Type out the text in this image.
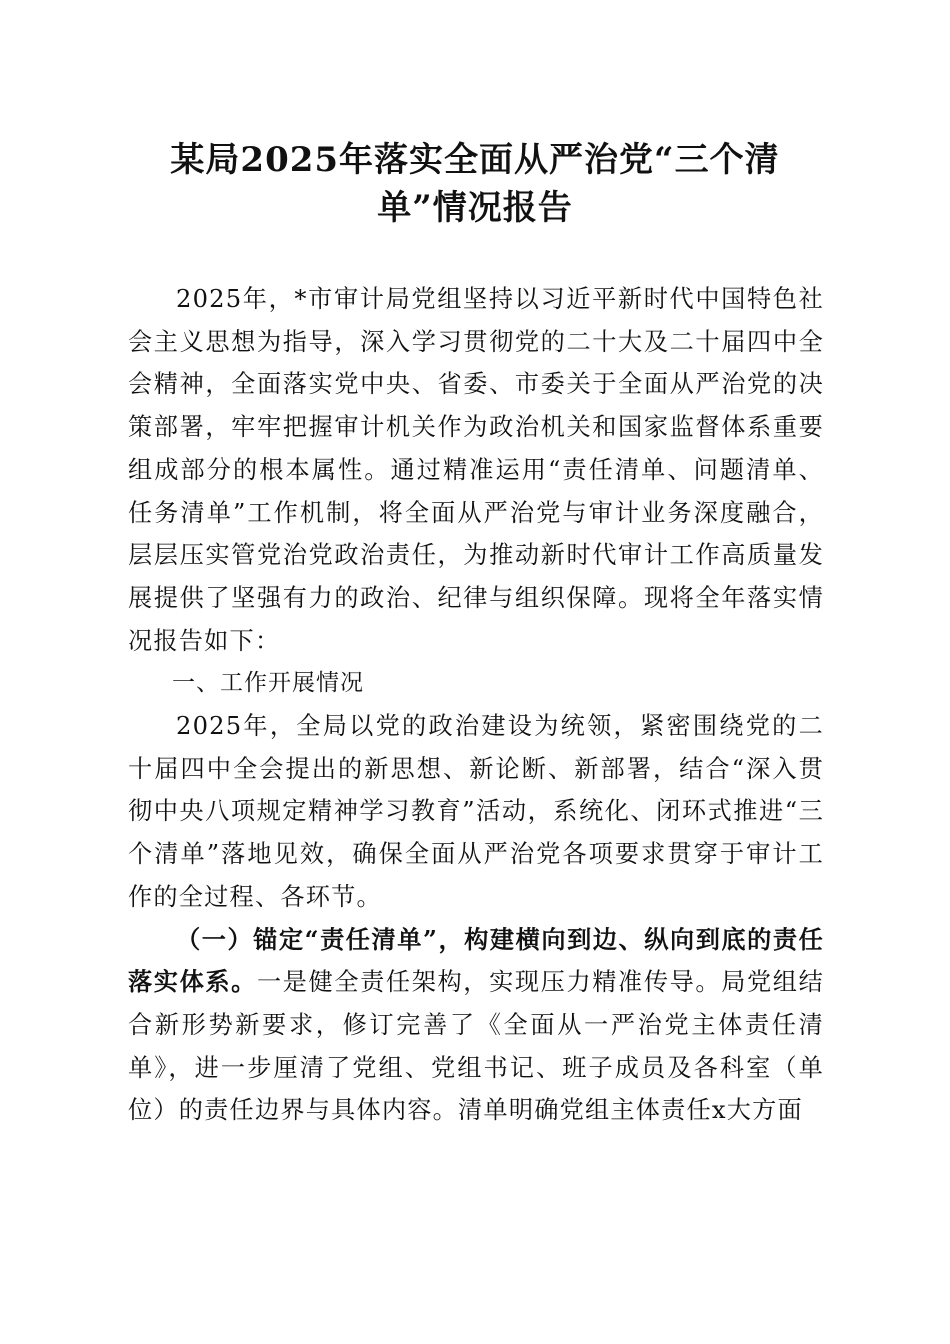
某局2025年落实全面从严治党“三个清
单”情况报告

2025年，*市审计局党组坚持以习近平新时代中国特色社会主义思想为指导，深入学习贯彻党的二十大及二十届四中全会精神，全面落实党中央、省委、市委关于全面从严治党的决策部署，牢牢把握审计机关作为政治机关和国家监督体系重要组成部分的根本属性。通过精准运用“责任清单、问题清单、任务清单”工作机制，将全面从严治党与审计业务深度融合，层层压实管党治党政治责任，为推动新时代审计工作高质量发展提供了坚强有力的政治、纪律与组织保障。现将全年落实情况报告如下：

一、工作开展情况

2025年，全局以党的政治建设为统领，紧密围绕党的二十届四中全会提出的新思想、新论断、新部署，结合“深入贯彻中央八项规定精神学习教育”活动，系统化、闭环式推进“三个清单”落地见效，确保全面从严治党各项要求贯穿于审计工作的全过程、各环节。

（一）锚定“责任清单”，构建横向到边、纵向到底的责任落实体系。一是健全责任架构，实现压力精准传导。局党组结合新形势新要求，修订完善了《全面从一严治党主体责任清单》，进一步厘清了党组、党组书记、班子成员及各科室（单位）的责任边界与具体内容。清单明确党组主体责任x大方面
